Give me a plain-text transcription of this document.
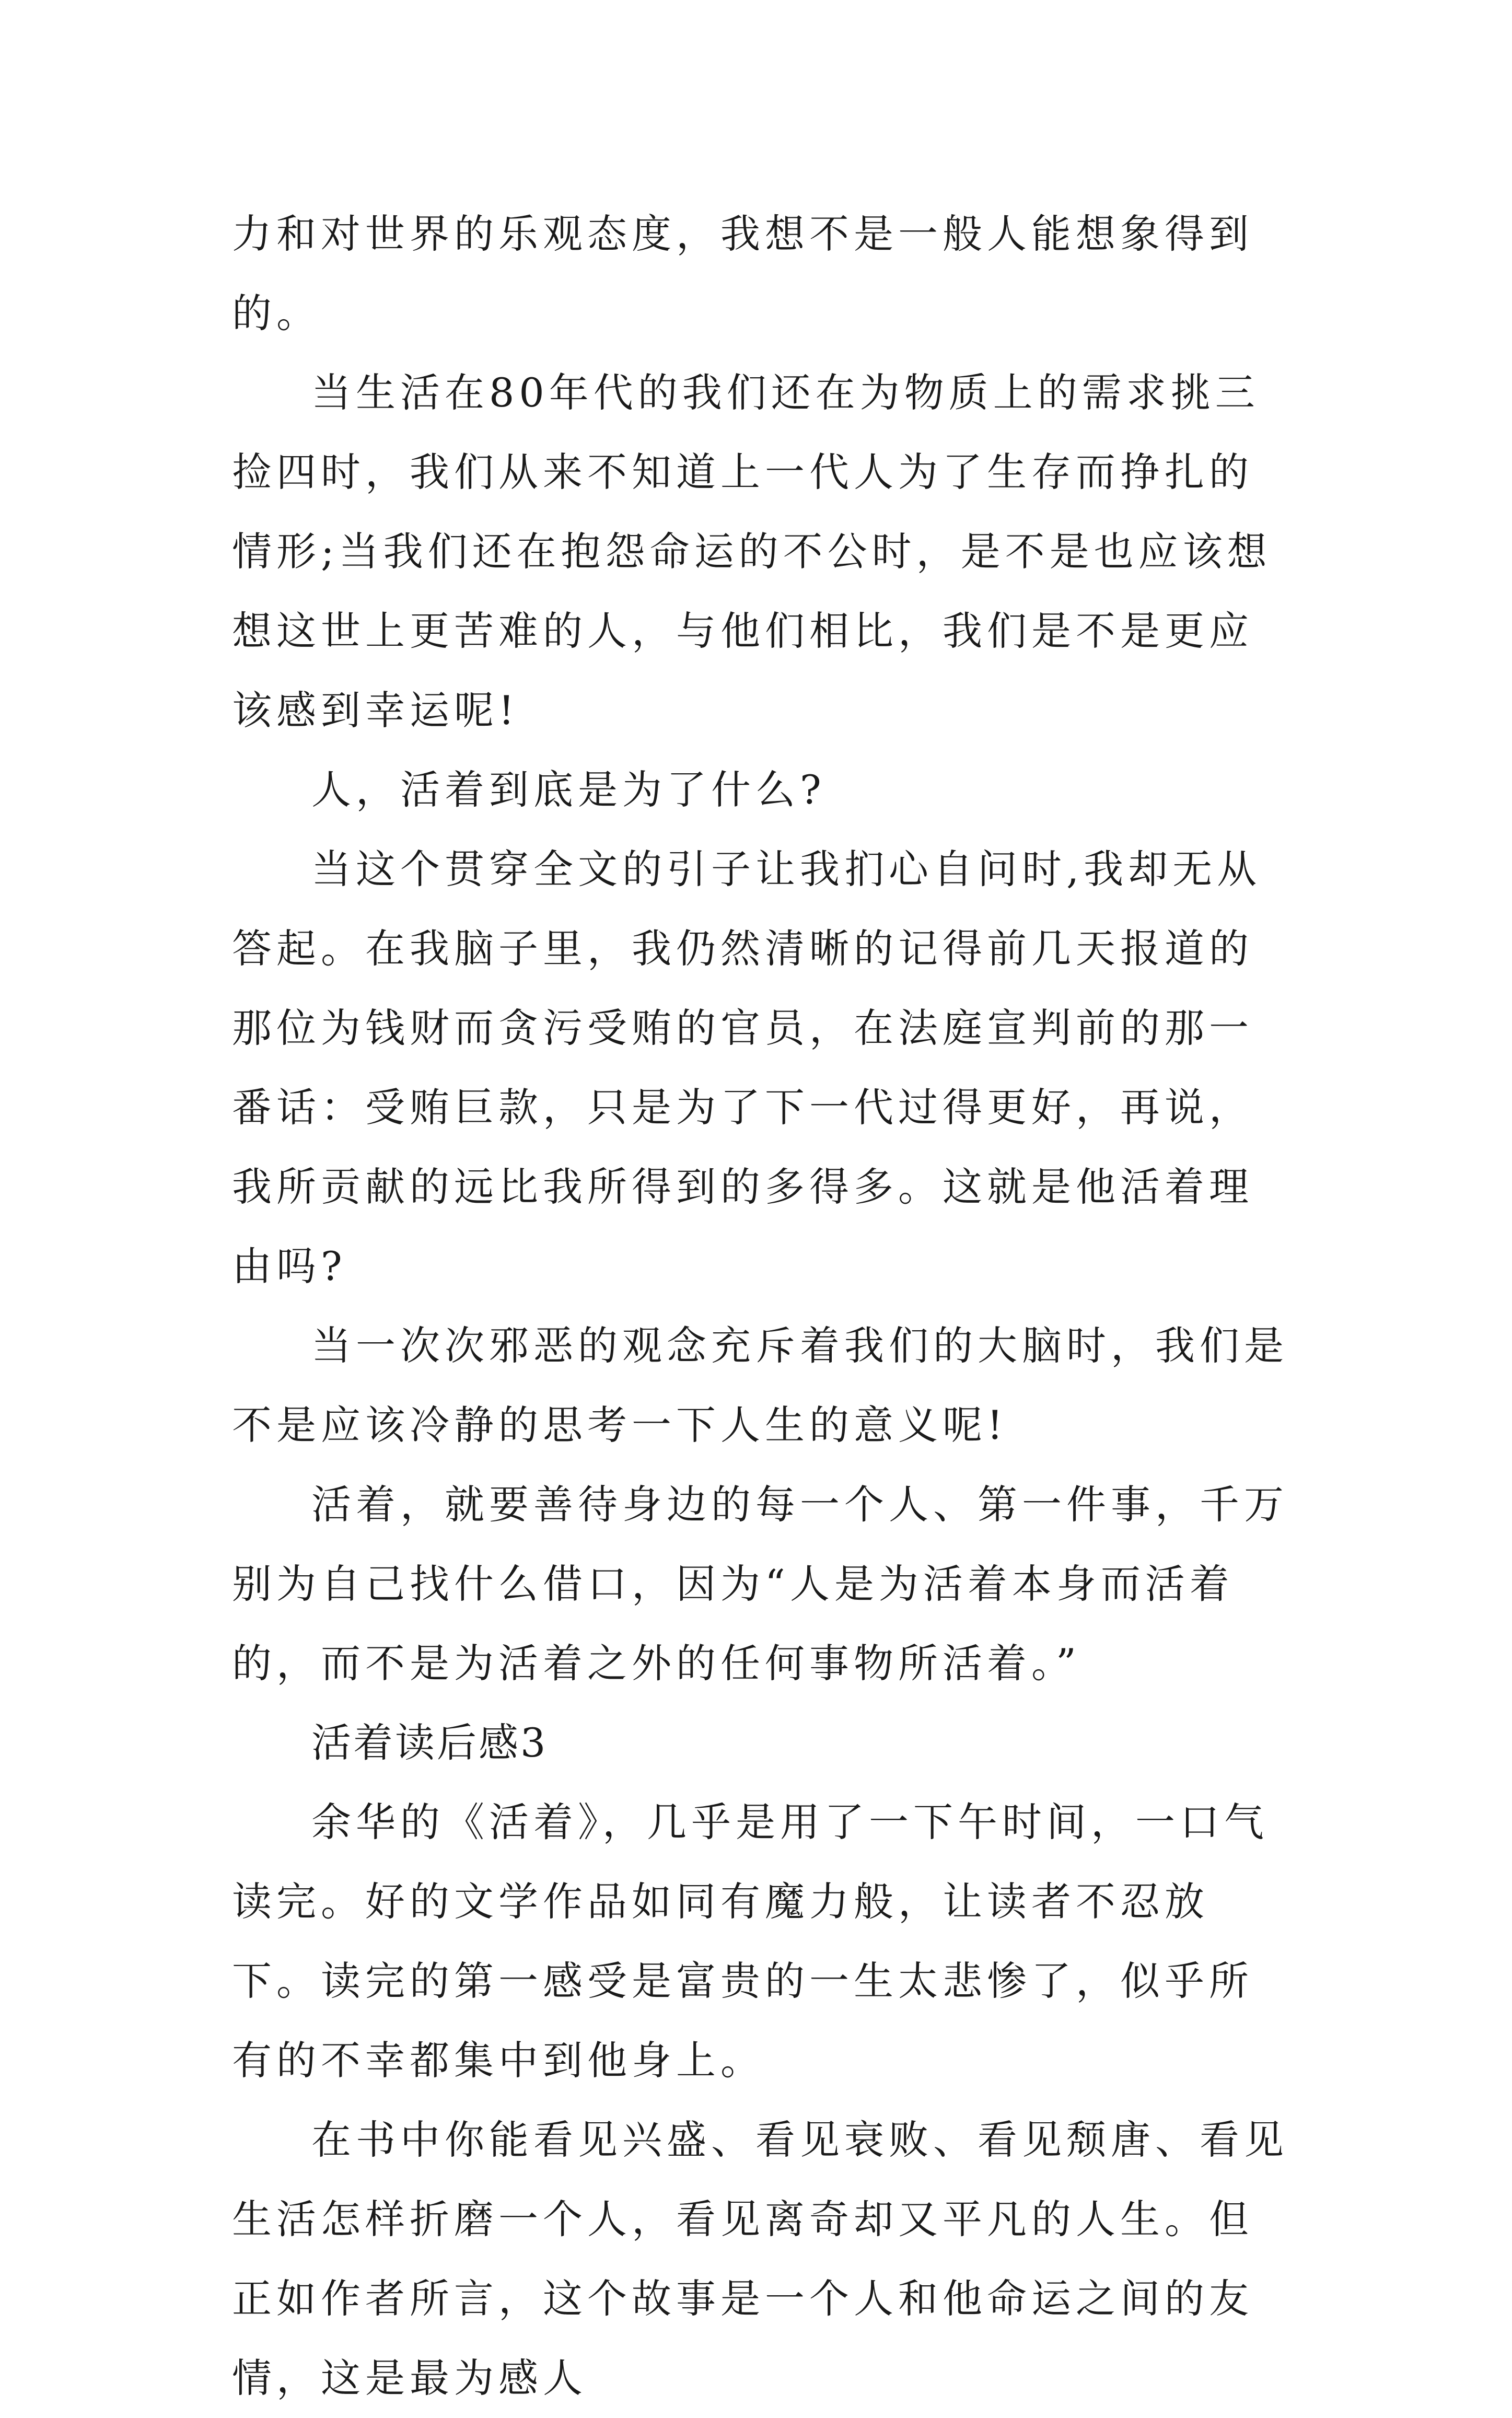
力和对世界的乐观态度，我想不是一般人能想象得到的。

当生活在80年代的我们还在为物质上的需求挑三捡四时，我们从来不知道上一代人为了生存而挣扎的情形;当我们还在抱怨命运的不公时，是不是也应该想想这世上更苦难的人，与他们相比，我们是不是更应该感到幸运呢!

人，活着到底是为了什么?

当这个贯穿全文的引子让我扪心自问时,我却无从答起。在我脑子里，我仍然清晰的记得前几天报道的那位为钱财而贪污受贿的官员，在法庭宣判前的那一番话：受贿巨款，只是为了下一代过得更好，再说，我所贡献的远比我所得到的多得多。这就是他活着理由吗?

当一次次邪恶的观念充斥着我们的大脑时，我们是不是应该冷静的思考一下人生的意义呢!

活着，就要善待身边的每一个人、第一件事，千万别为自己找什么借口，因为“人是为活着本身而活着的，而不是为活着之外的任何事物所活着。”

活着读后感3

余华的《活着》，几乎是用了一下午时间，一口气读完。好的文学作品如同有魔力般，让读者不忍放下。读完的第一感受是富贵的一生太悲惨了，似乎所有的不幸都集中到他身上。

在书中你能看见兴盛、看见衰败、看见颓唐、看见生活怎样折磨一个人，看见离奇却又平凡的人生。但正如作者所言，这个故事是一个人和他命运之间的友情，这是最为感人
